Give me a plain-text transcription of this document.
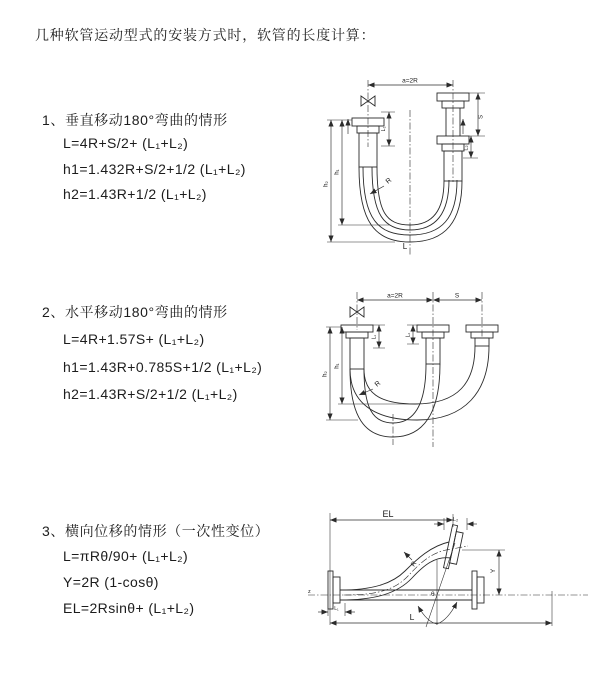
几种软管运动型式的安装方式时，软管的长度计算：
1、垂直移动180°弯曲的情形
L=4R+S/2+ (L₁+L₂)
h1=1.432R+S/2+1/2 (L₁+L₂)
h2=1.43R+1/2 (L₁+L₂)
2、水平移动180°弯曲的情形
L=4R+1.57S+ (L₁+L₂)
h1=1.43R+0.785S+1/2 (L₁+L₂)
h2=1.43R+S/2+1/2 (L₁+L₂)
3、横向位移的情形（一次性变位）
L=πRθ/90+ (L₁+L₂)
Y=2R (1-cosθ)
EL=2Rsinθ+ (L₁+L₂)
a=2R
h₁
h₂
L₁
S
L₂
R
L
a=2R	S
h₁
h₂
L₁	L₂
R
z
EL
L₂
Y
θ
R
L
L₁
